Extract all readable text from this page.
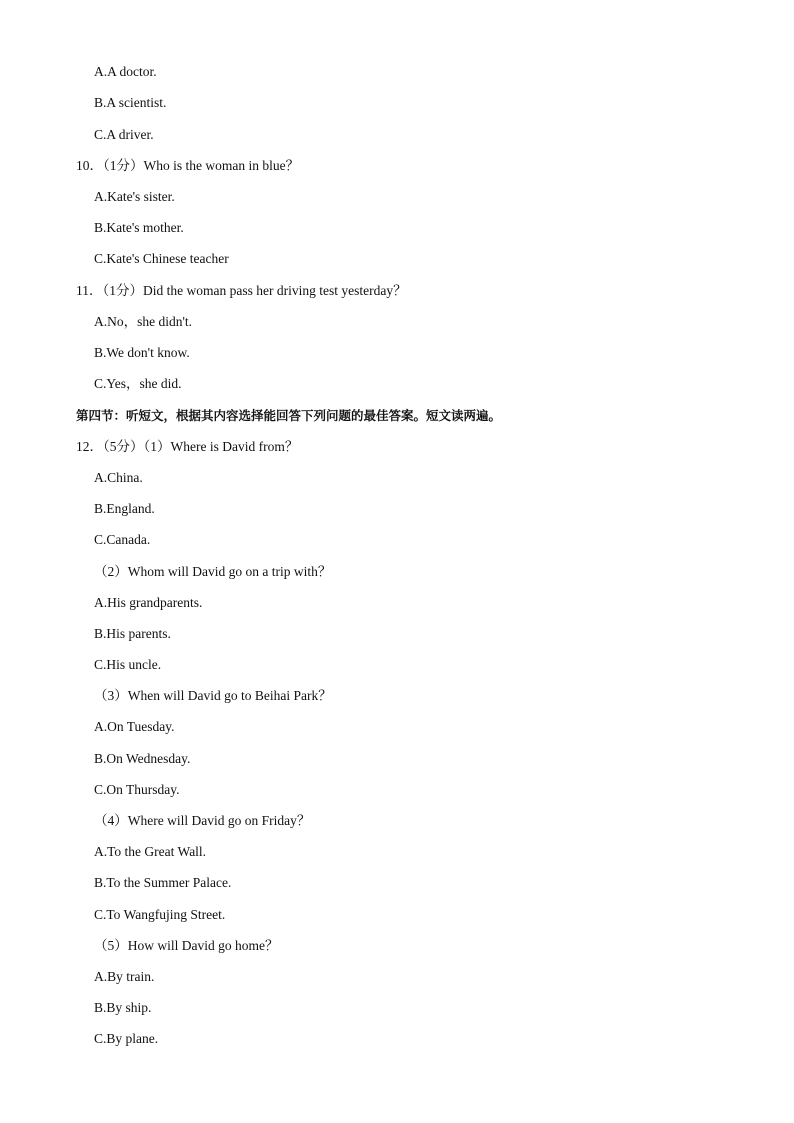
A.A doctor.
B.A scientist.
C.A driver.
10．（1分）Who is the woman in blue？
A.Kate's sister.
B.Kate's mother.
C.Kate's Chinese teacher
11．（1分）Did the woman pass her driving test yesterday？
A.No，she didn't.
B.We don't know.
C.Yes，she did.
第四节：听短文，根据其内容选择能回答下列问题的最佳答案。短文读两遍。
12．（5分）（1）Where is David from？
A.China.
B.England.
C.Canada.
（2）Whom will David go on a trip with？
A.His grandparents.
B.His parents.
C.His uncle.
（3）When will David go to Beihai Park？
A.On Tuesday.
B.On Wednesday.
C.On Thursday.
（4）Where will David go on Friday？
A.To the Great Wall.
B.To the Summer Palace.
C.To Wangfujing Street.
（5）How will David go home？
A.By train.
B.By ship.
C.By plane.
